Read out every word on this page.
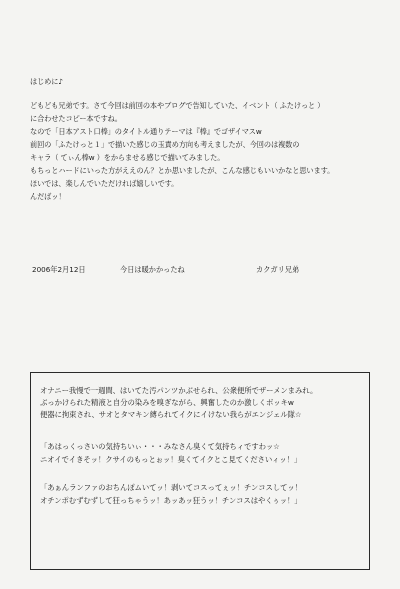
はじめに♪
どもども兄弟です。さて今回は前回の本やブログで告知していた、イベント（ ふたけっと ）
に合わせたコピー本ですね。
なので「日本アスト口棒」のタイトル通りテーマは『棒』でゴザイマスw
前回の「ふたけっと１」で描いた感じの玉責め方向も考えましたが、今回のは複数の
キャラ（ てぃん棒w ）をからませる感じで描いてみました。
もちっとハードにいった方がええのん？とか思いましたが、こんな感じもいいかなと思います。
ほいでは、楽しんでいただければ嬉しいです。
んだばッ！
2006年2月12日	今日は暖かかったね	カクガリ兄弟
オナニー我慢で一週間、はいてた汚パンツかぶせられ、公衆便所でザーメンまみれ。
ぶっかけられた精液と自分の染みを嗅ぎながら、興奮したのか激しくボッキw
便器に拘束され、サオとタマキン縛られてイクにイけない我らがエンジェル隊☆
「あはっくっさいの気持ちいぃ・・・みなさん臭くて気持ちィですわッ☆
ニオイでイきそッ！クサイのもっとぉッ！臭くてイクとこ見てくださいィッ！」
「あぁんランファのおちんぽムいてッ！剥いてコスってぇッ！チンコスしてッ！
オチンポむずむずして狂っちゃうッ！あッあッ狂うッ！チンコスはやくぅッ！」
